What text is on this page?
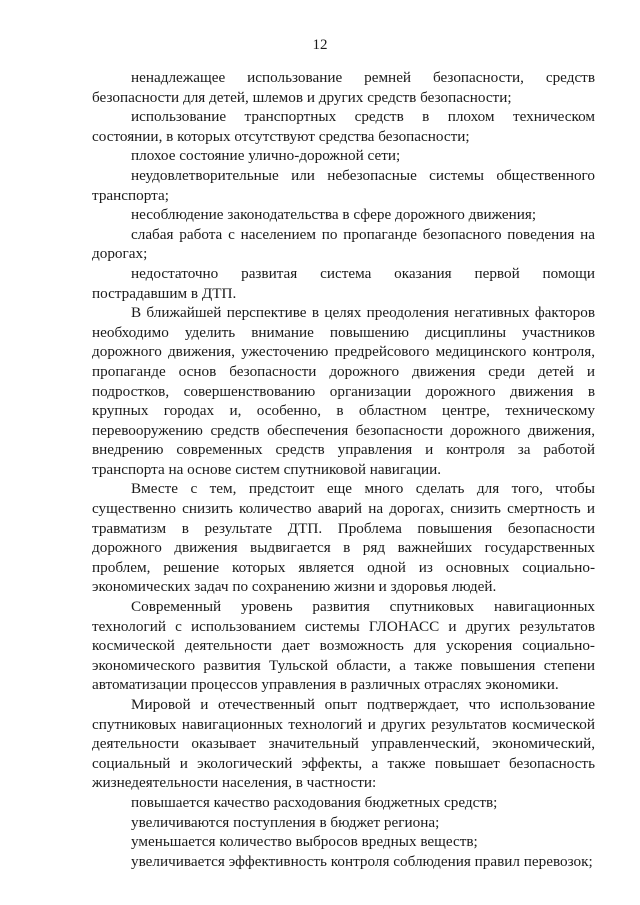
12

ненадлежащее использование ремней безопасности, средств безопасности для детей, шлемов и других средств безопасности;

использование транспортных средств в плохом техническом состоянии, в которых отсутствуют средства безопасности;

плохое состояние улично-дорожной сети;

неудовлетворительные или небезопасные системы общественного транспорта;

несоблюдение законодательства в сфере дорожного движения;

слабая работа с населением по пропаганде безопасного поведения на дорогах;

недостаточно развитая система оказания первой помощи пострадавшим в ДТП.

В ближайшей перспективе в целях преодоления негативных факторов необходимо уделить внимание повышению дисциплины участников дорожного движения, ужесточению предрейсового медицинского контроля, пропаганде основ безопасности дорожного движения среди детей и подростков, совершенствованию организации дорожного движения в крупных городах и, особенно, в областном центре, техническому перевооружению средств обеспечения безопасности дорожного движения, внедрению современных средств управления и контроля за работой транспорта на основе систем спутниковой навигации.

Вместе с тем, предстоит еще много сделать для того, чтобы существенно снизить количество аварий на дорогах, снизить смертность и травматизм в результате ДТП. Проблема повышения безопасности дорожного движения выдвигается в ряд важнейших государственных проблем, решение которых является одной из основных социально-экономических задач по сохранению жизни и здоровья людей.

Современный уровень развития спутниковых навигационных технологий с использованием системы ГЛОНАСС и других результатов космической деятельности дает возможность для ускорения социально-экономического развития Тульской области, а также повышения степени автоматизации процессов управления в различных отраслях экономики.

Мировой и отечественный опыт подтверждает, что использование спутниковых навигационных технологий и других результатов космической деятельности оказывает значительный управленческий, экономический, социальный и экологический эффекты, а также повышает безопасность жизнедеятельности населения, в частности:

повышается качество расходования бюджетных средств;

увеличиваются поступления в бюджет региона;

уменьшается количество выбросов вредных веществ;

увеличивается эффективность контроля соблюдения правил перевозок;
